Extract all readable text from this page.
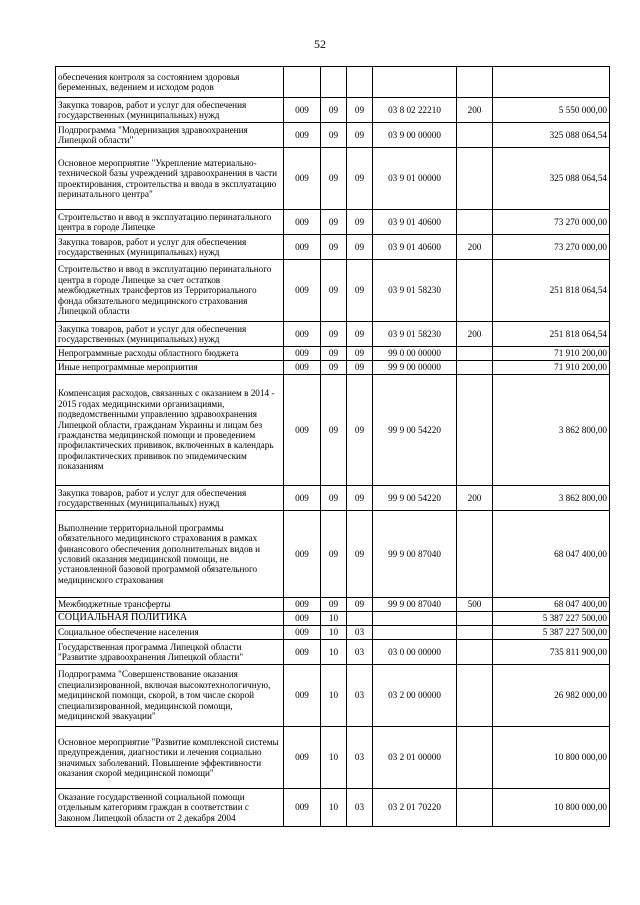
52
обеспечения контроля за состоянием здоровья беременных, ведением и исходом родов						
Закупка товаров, работ и услуг для обеспечения государственных (муниципальных) нужд	009	09	09	03 8 02 22210	200	5 550 000,00
Подпрограмма "Модернизация здравоохранения Липецкой области"	009	09	09	03 9 00 00000		325 088 064,54
Основное мероприятие "Укрепление материально-технической базы учреждений здравоохранения в части проектирования, строительства и ввода в эксплуатацию перинатального центра"	009	09	09	03 9 01 00000		325 088 064,54
Строительство и ввод в эксплуатацию перинатального центра в городе Липецке	009	09	09	03 9 01 40600		73 270 000,00
Закупка товаров, работ и услуг для обеспечения государственных (муниципальных) нужд	009	09	09	03 9 01 40600	200	73 270 000,00
Строительство и ввод в эксплуатацию перинатального центра в городе Липецке за счет остатков межбюджетных трансфертов из Территориального фонда обязательного медицинского страхования Липецкой области	009	09	09	03 9 01 58230		251 818 064,54
Закупка товаров, работ и услуг для обеспечения государственных (муниципальных) нужд	009	09	09	03 9 01 58230	200	251 818 064,54
Непрограммные расходы областного бюджета	009	09	09	99 0 00 00000		71 910 200,00
Иные непрограммные мероприятия	009	09	09	99 9 00 00000		71 910 200,00
Компенсация расходов, связанных с оказанием в 2014 - 2015 годах медицинскими организациями, подведомственными управлению здравоохранения Липецкой области, гражданам Украины и лицам без гражданства медицинской помощи и проведением профилактических прививок, включенных в календарь профилактических прививок по эпидемическим показаниям	009	09	09	99 9 00 54220		3 862 800,00
Закупка товаров, работ и услуг для обеспечения государственных (муниципальных) нужд	009	09	09	99 9 00 54220	200	3 862 800,00
Выполнение территориальной программы обязательного медицинского страхования в рамках финансового обеспечения дополнительных видов и условий оказания медицинской помощи, не установленной базовой программой обязательного медицинского страхования	009	09	09	99 9 00 87040		68 047 400,00
Межбюджетные трансферты	009	09	09	99 9 00 87040	500	68 047 400,00
СОЦИАЛЬНАЯ ПОЛИТИКА	009	10				5 387 227 500,00
Социальное обеспечение населения	009	10	03			5 387 227 500,00
Государственная программа Липецкой области "Развитие здравоохранения Липецкой области"	009	10	03	03 0 00 00000		735 811 900,00
Подпрограмма "Совершенствование оказания специализированной, включая высокотехнологичную, медицинской помощи, скорой, в том числе скорой специализированной, медицинской помощи, медицинской эвакуации"	009	10	03	03 2 00 00000		26 982 000,00
Основное мероприятие "Развитие комплексной системы предупреждения, диагностики и лечения социально значимых заболеваний. Повышение эффективности оказания скорой медицинской помощи"	009	10	03	03 2 01 00000		10 800 000,00
Оказание государственной социальной помощи отдельным категориям граждан в соответствии с Законом Липецкой области от 2 декабря 2004	009	10	03	03 2 01 70220		10 800 000,00
